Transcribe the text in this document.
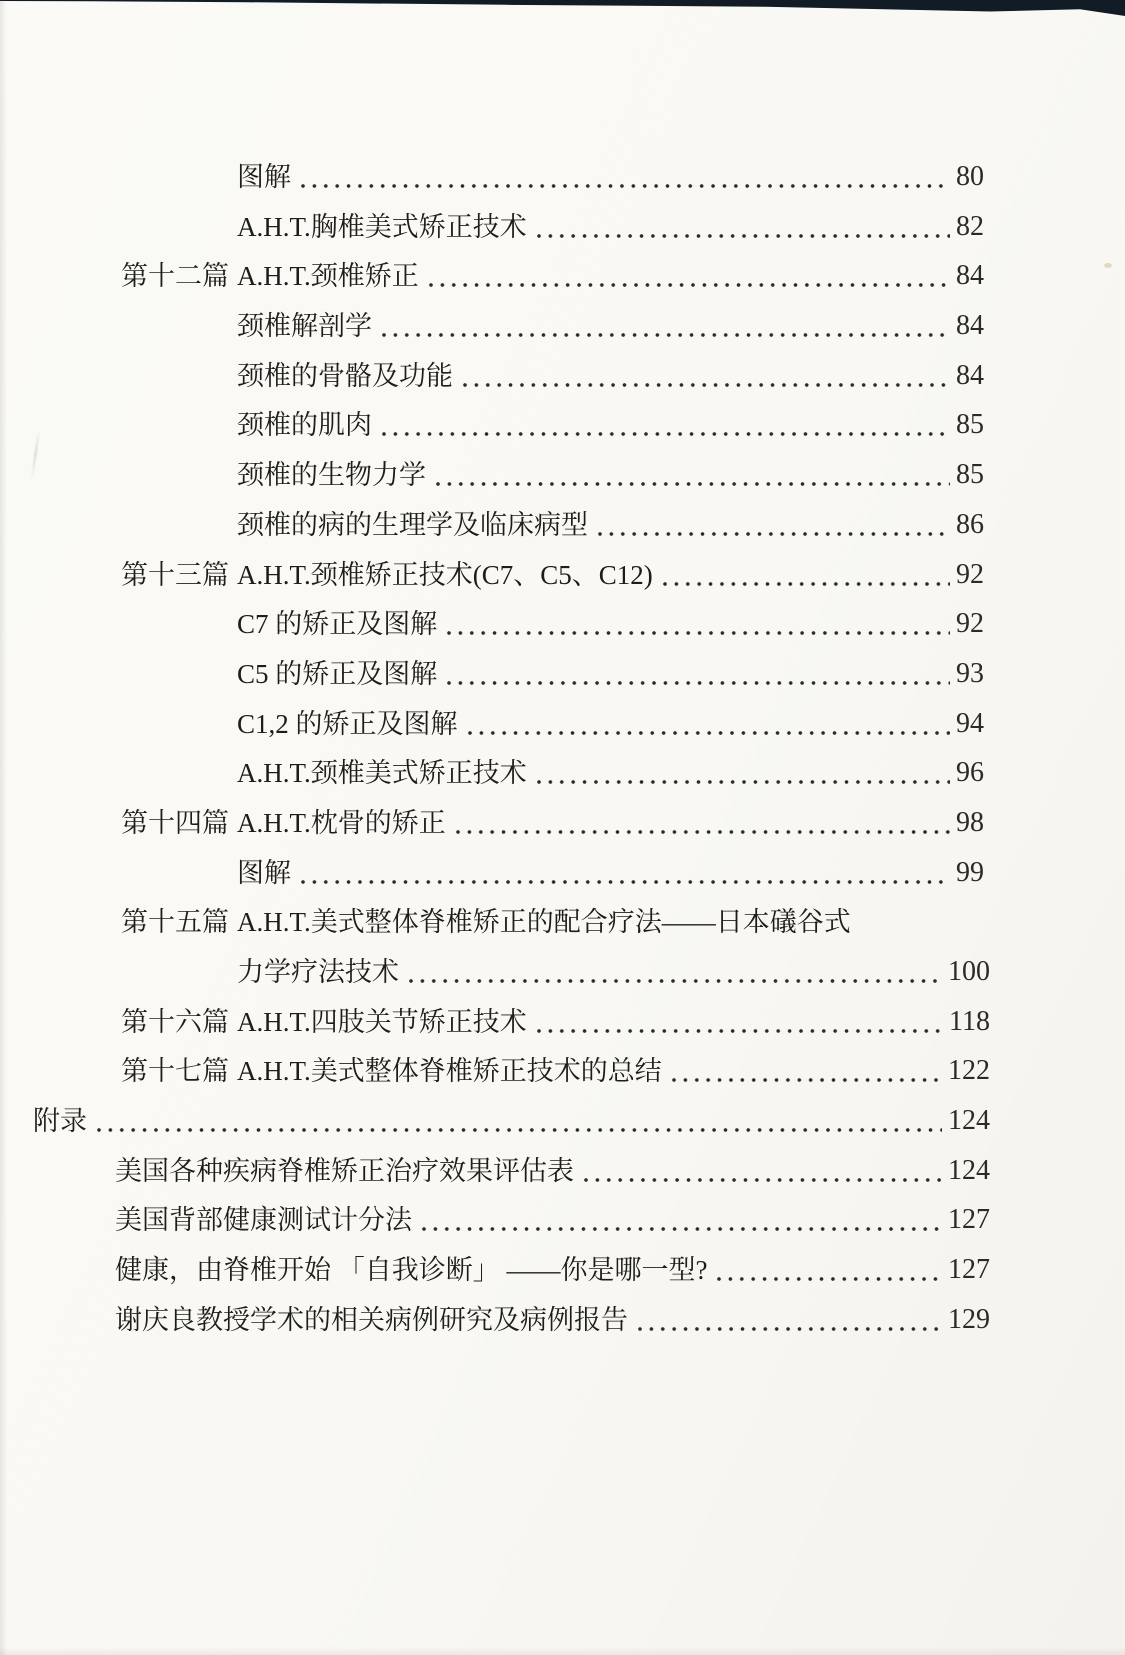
图解	80
A.H.T.胸椎美式矫正技术	82
第十二篇 A.H.T.颈椎矫正	84
颈椎解剖学	84
颈椎的骨骼及功能	84
颈椎的肌肉	85
颈椎的生物力学	85
颈椎的病的生理学及临床病型	86
第十三篇 A.H.T.颈椎矫正技术(C7、C5、C12)	92
C7 的矫正及图解	92
C5 的矫正及图解	93
C1,2 的矫正及图解	94
A.H.T.颈椎美式矫正技术	96
第十四篇 A.H.T.枕骨的矫正	98
图解	99
第十五篇 A.H.T.美式整体脊椎矫正的配合疗法——日本礒谷式
力学疗法技术	100
第十六篇 A.H.T.四肢关节矫正技术	118
第十七篇 A.H.T.美式整体脊椎矫正技术的总结	122
附录	124
美国各种疾病脊椎矫正治疗效果评估表	124
美国背部健康测试计分法	127
健康，由脊椎开始 「自我诊断」 ——你是哪一型?	127
谢庆良教授学术的相关病例研究及病例报告	129
